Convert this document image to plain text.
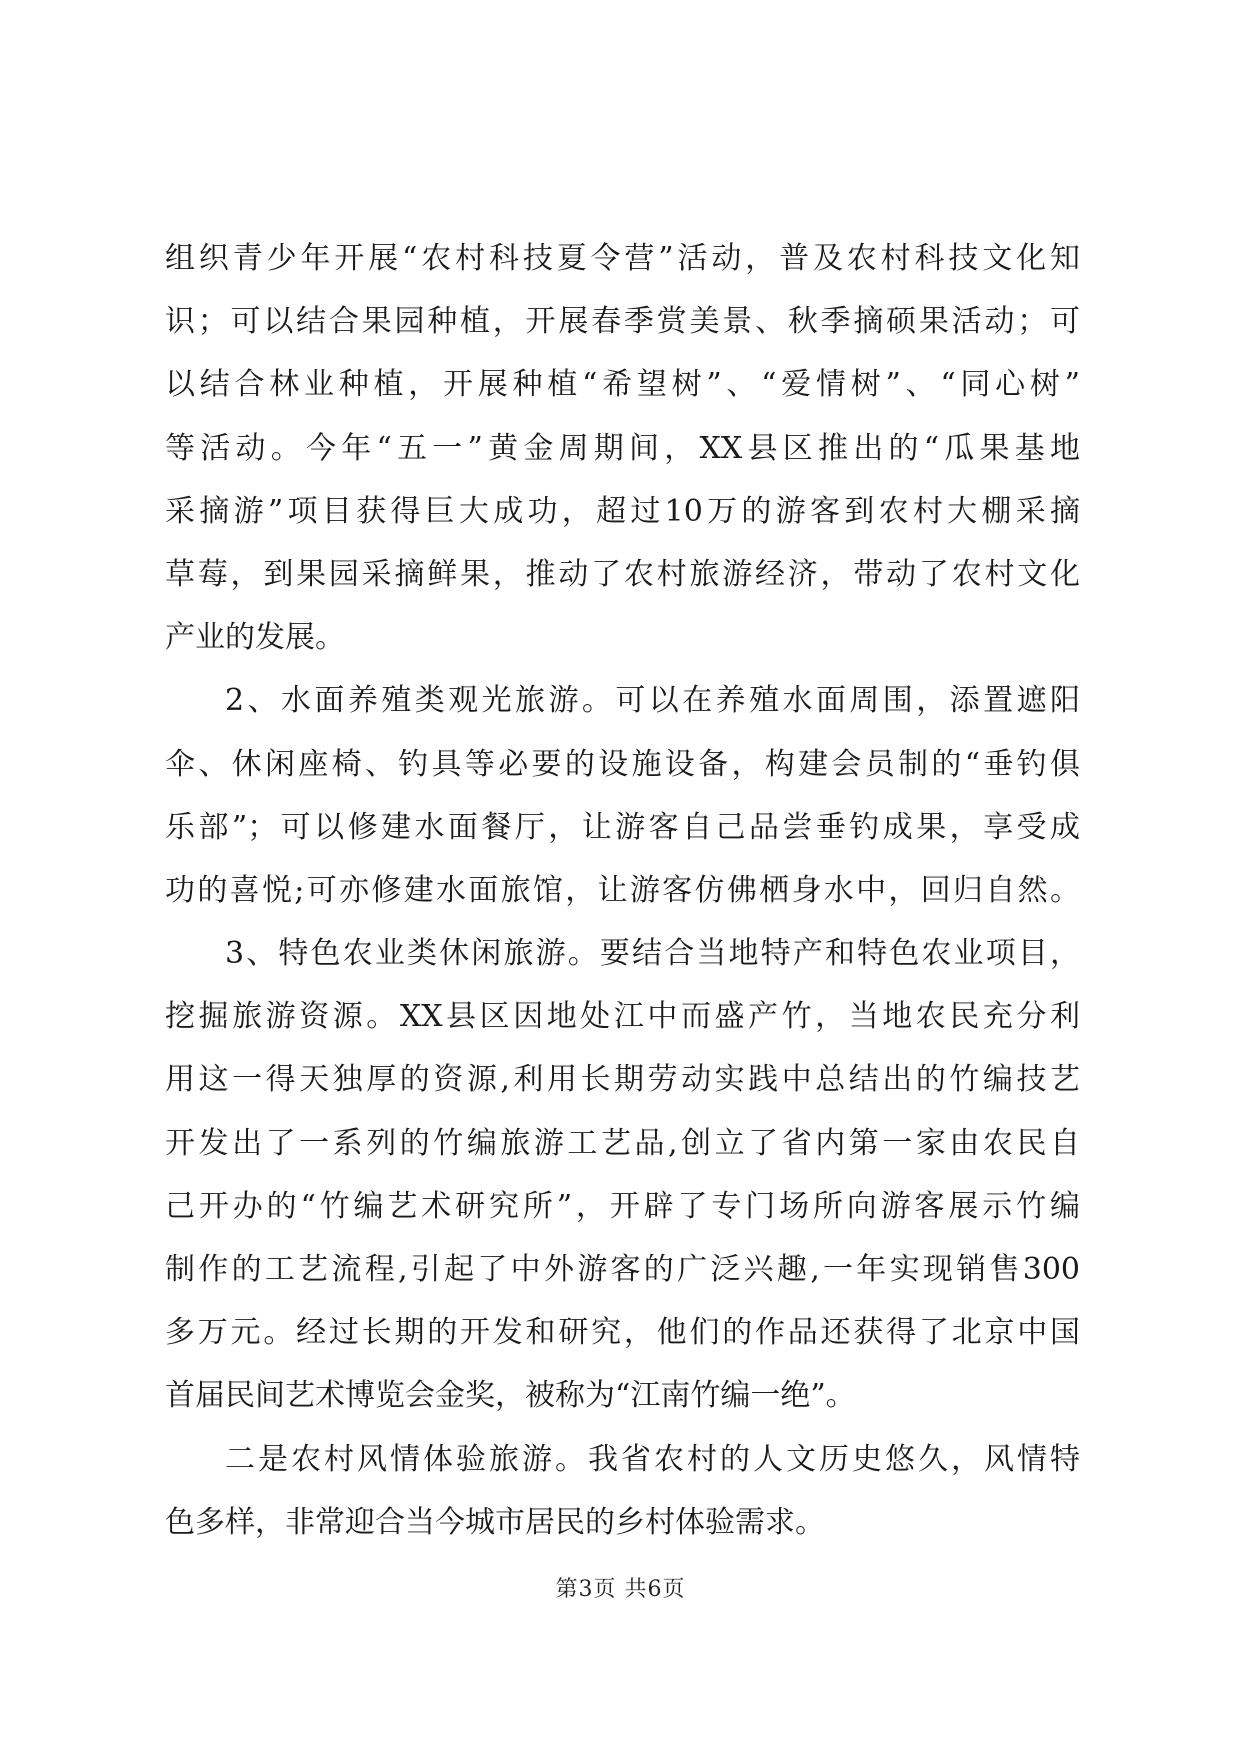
组织青少年开展“农村科技夏令营”活动，普及农村科技文化知
识；可以结合果园种植，开展春季赏美景、秋季摘硕果活动；可
以结合林业种植，开展种植“希望树”、“爱情树”、“同心树”
等活动。今年“五一”黄金周期间，XX县区推出的“瓜果基地
采摘游”项目获得巨大成功，超过10万的游客到农村大棚采摘
草莓，到果园采摘鲜果，推动了农村旅游经济，带动了农村文化
产业的发展。
2、水面养殖类观光旅游。可以在养殖水面周围，添置遮阳
伞、休闲座椅、钓具等必要的设施设备，构建会员制的“垂钓俱
乐部”；可以修建水面餐厅，让游客自己品尝垂钓成果，享受成
功的喜悦;可亦修建水面旅馆，让游客仿佛栖身水中，回归自然。
3、特色农业类休闲旅游。要结合当地特产和特色农业项目，
挖掘旅游资源。XX县区因地处江中而盛产竹，当地农民充分利
用这一得天独厚的资源,利用长期劳动实践中总结出的竹编技艺
开发出了一系列的竹编旅游工艺品,创立了省内第一家由农民自
己开办的“竹编艺术研究所”，开辟了专门场所向游客展示竹编
制作的工艺流程,引起了中外游客的广泛兴趣,一年实现销售300
多万元。经过长期的开发和研究，他们的作品还获得了北京中国
首届民间艺术博览会金奖，被称为“江南竹编一绝”。
二是农村风情体验旅游。我省农村的人文历史悠久，风情特
色多样，非常迎合当今城市居民的乡村体验需求。
第3页 共6页
